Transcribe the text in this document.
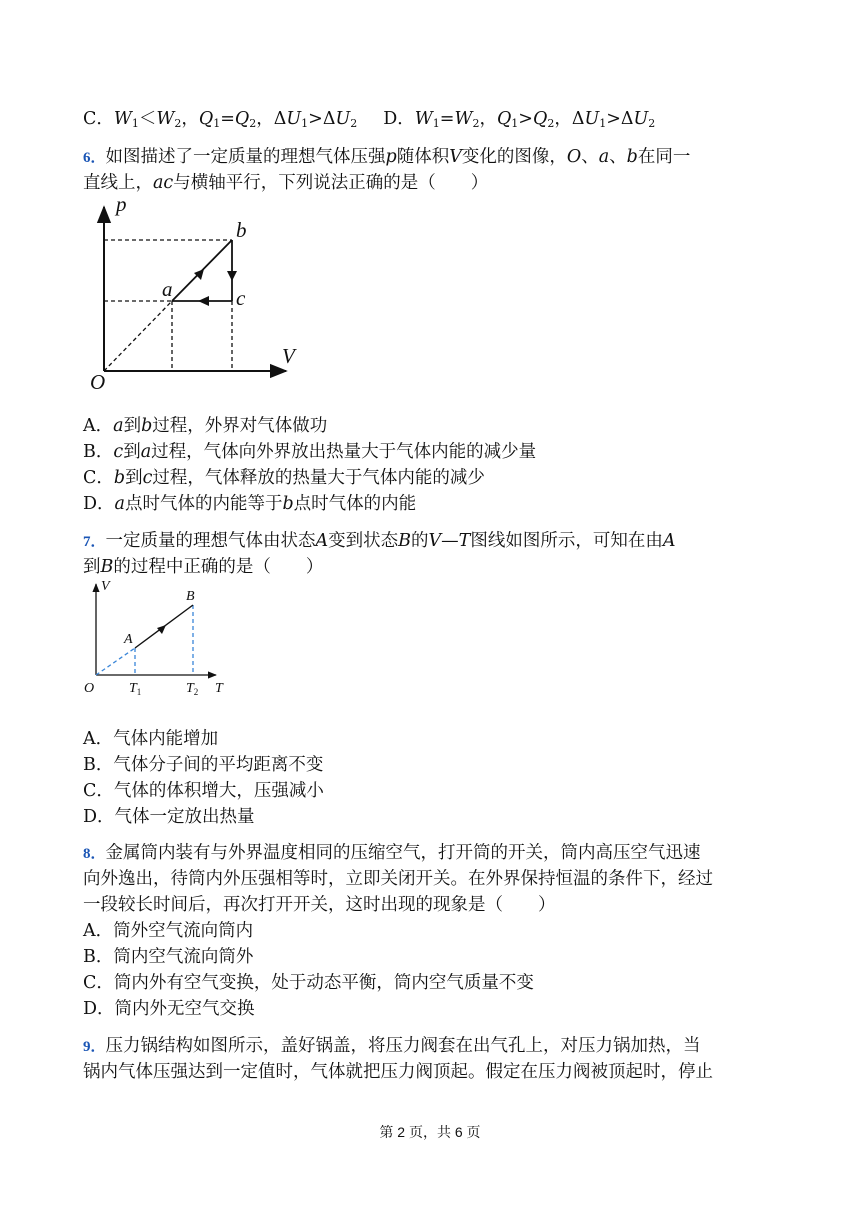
C．$W_1<W_2$，$Q_1=Q_2$，$\Delta U_1>\Delta U_2$ D．$W_1=W_2$，$Q_1>Q_2$，$\Delta U_1>\Delta U_2$
6．如图描述了一定质量的理想气体压强p随体积V变化的图像，O、a、b在同一
直线上，ac与横轴平行，下列说法正确的是（　　）
p
V
O
a
b
c
A．a到b过程，外界对气体做功
B．c到a过程，气体向外界放出热量大于气体内能的减少量
C．b到c过程，气体释放的热量大于气体内能的减少
D．a点时气体的内能等于b点时气体的内能
7．一定质量的理想气体由状态A变到状态B的V—T图线如图所示，可知在由A
到B的过程中正确的是（　　）
V
A
B
O $T_1$	$T_2$ T
A．气体内能增加
B．气体分子间的平均距离不变
C．气体的体积增大，压强减小
D．气体一定放出热量
8．金属筒内装有与外界温度相同的压缩空气，打开筒的开关，筒内高压空气迅速
向外逸出，待筒内外压强相等时，立即关闭开关。在外界保持恒温的条件下，经过
一段较长时间后，再次打开开关，这时出现的现象是（　　）
A．筒外空气流向筒内
B．筒内空气流向筒外
C．筒内外有空气变换，处于动态平衡，筒内空气质量不变
D．筒内外无空气交换
9．压力锅结构如图所示，盖好锅盖，将压力阀套在出气孔上，对压力锅加热，当
锅内气体压强达到一定值时，气体就把压力阀顶起。假定在压力阀被顶起时，停止
第 2 页，共 6 页
